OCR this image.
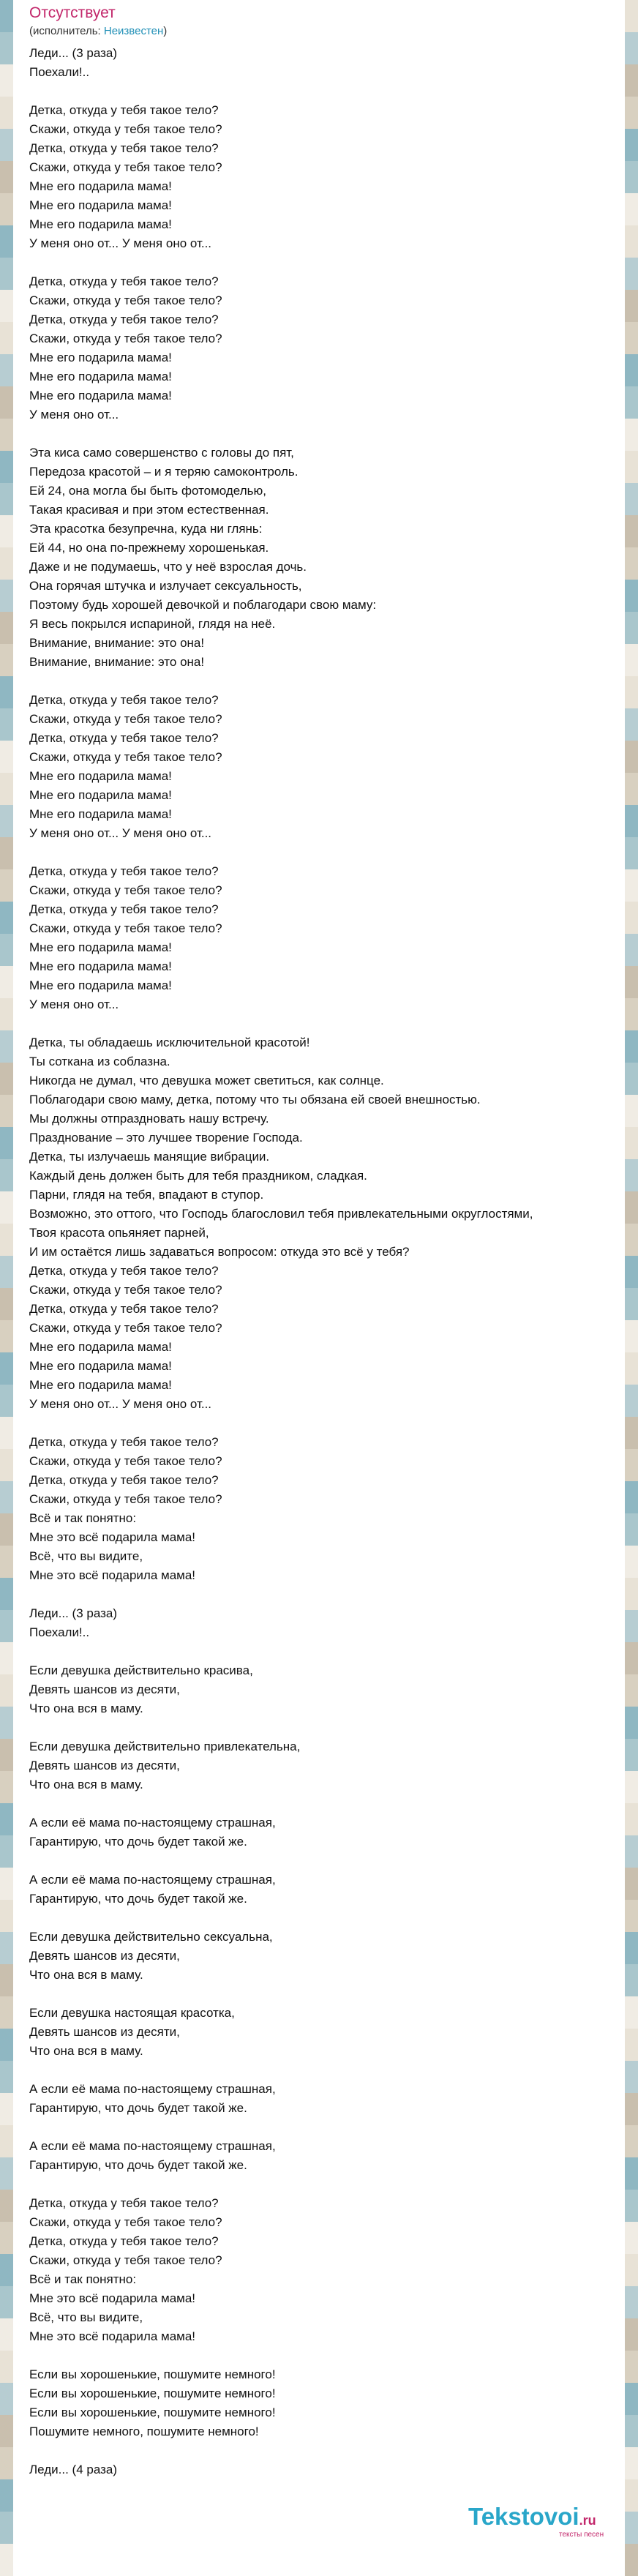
Отсутствует
(исполнитель: Неизвестен)
Леди... (3 раза)
Поехали!..
Детка, откуда у тебя такое тело?
Скажи, откуда у тебя такое тело?
Детка, откуда у тебя такое тело?
Скажи, откуда у тебя такое тело?
Мне его подарила мама!
Мне его подарила мама!
Мне его подарила мама!
У меня оно от... У меня оно от...
Детка, откуда у тебя такое тело?
Скажи, откуда у тебя такое тело?
Детка, откуда у тебя такое тело?
Скажи, откуда у тебя такое тело?
Мне его подарила мама!
Мне его подарила мама!
Мне его подарила мама!
У меня оно от...
Эта киса само совершенство с головы до пят,
Передоза красотой – и я теряю самоконтроль.
Ей 24, она могла бы быть фотомоделью,
Такая красивая и при этом естественная.
Эта красотка безупречна, куда ни глянь:
Ей 44, но она по-прежнему хорошенькая.
Даже и не подумаешь, что у неё взрослая дочь.
Она горячая штучка и излучает сексуальность,
Поэтому будь хорошей девочкой и поблагодари свою маму:
Я весь покрылся испариной, глядя на неё.
Внимание, внимание: это она!
Внимание, внимание: это она!
Детка, откуда у тебя такое тело?
Скажи, откуда у тебя такое тело?
Детка, откуда у тебя такое тело?
Скажи, откуда у тебя такое тело?
Мне его подарила мама!
Мне его подарила мама!
Мне его подарила мама!
У меня оно от... У меня оно от...
Детка, откуда у тебя такое тело?
Скажи, откуда у тебя такое тело?
Детка, откуда у тебя такое тело?
Скажи, откуда у тебя такое тело?
Мне его подарила мама!
Мне его подарила мама!
Мне его подарила мама!
У меня оно от...
Детка, ты обладаешь исключительной красотой!
Ты соткана из соблазна.
Никогда не думал, что девушка может светиться, как солнце.
Поблагодари свою маму, детка, потому что ты обязана ей своей внешностью.
Мы должны отпраздновать нашу встречу.
Празднование – это лучшее творение Господа.
Детка, ты излучаешь манящие вибрации.
Каждый день должен быть для тебя праздником, сладкая.
Парни, глядя на тебя, впадают в ступор.
Возможно, это оттого, что Господь благословил тебя привлекательными округлостями,
Твоя красота опьяняет парней,
И им остаётся лишь задаваться вопросом: откуда это всё у тебя?
Детка, откуда у тебя такое тело?
Скажи, откуда у тебя такое тело?
Детка, откуда у тебя такое тело?
Скажи, откуда у тебя такое тело?
Мне его подарила мама!
Мне его подарила мама!
Мне его подарила мама!
У меня оно от... У меня оно от...
Детка, откуда у тебя такое тело?
Скажи, откуда у тебя такое тело?
Детка, откуда у тебя такое тело?
Скажи, откуда у тебя такое тело?
Всё и так понятно:
Мне это всё подарила мама!
Всё, что вы видите,
Мне это всё подарила мама!
Леди... (3 раза)
Поехали!..
Если девушка действительно красива,
Девять шансов из десяти,
Что она вся в маму.
Если девушка действительно привлекательна,
Девять шансов из десяти,
Что она вся в маму.
А если её мама по-настоящему страшная,
Гарантирую, что дочь будет такой же.
А если её мама по-настоящему страшная,
Гарантирую, что дочь будет такой же.
Если девушка действительно сексуальна,
Девять шансов из десяти,
Что она вся в маму.
Если девушка настоящая красотка,
Девять шансов из десяти,
Что она вся в маму.
А если её мама по-настоящему страшная,
Гарантирую, что дочь будет такой же.
А если её мама по-настоящему страшная,
Гарантирую, что дочь будет такой же.
Детка, откуда у тебя такое тело?
Скажи, откуда у тебя такое тело?
Детка, откуда у тебя такое тело?
Скажи, откуда у тебя такое тело?
Всё и так понятно:
Мне это всё подарила мама!
Всё, что вы видите,
Мне это всё подарила мама!
Если вы хорошенькие, пошумите немного!
Если вы хорошенькие, пошумите немного!
Если вы хорошенькие, пошумите немного!
Пошумите немного, пошумите немного!
Леди... (4 раза)
Tekstovoi.ru
тексты песен
